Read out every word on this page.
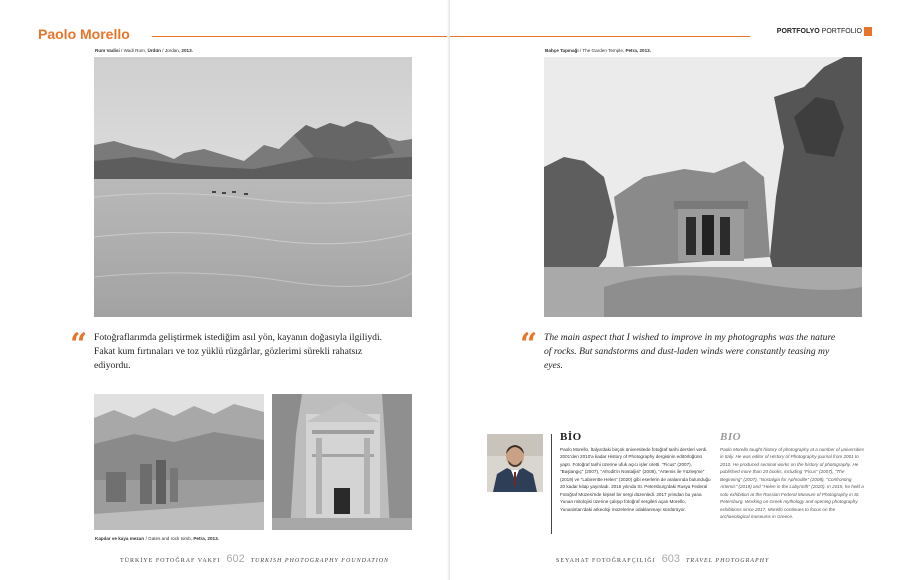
Paolo Morello
Rum Vadisi / Wadi Rum, Ürdün / Jordan, 2013.
“ Fotoğraflarımda geliştirmek istediğim asıl yön, kayanın doğasıyla ilgiliydi. Fakat kum fırtınaları ve toz yüklü rüzgârlar, gözlerimi sürekli rahatsız ediyordu.
Kapılar ve kaya mezarı / Gates and rock tomb, Petra, 2013.
TÜRKİYE FOTOĞRAF VAKFI 602 TURKISH PHOTOGRAPHY FOUNDATION
PORTFOLYO PORTFOLIO
Bahçe Tapınağı / The Garden Temple, Petra, 2013.
“ The main aspect that I wished to improve in my photographs was the nature of rocks. But sandstorms and dust-laden winds were constantly teasing my eyes.
BİO
Paolo Morello, İtalya'daki birçok üniversitede fotoğraf tarihi dersleri verdi. 2001'den 2010'a kadar History of Photography dergisinin editörlüğünü yaptı. Fotoğraf tarihi üzerine ufuk açıcı işler üretti. "Ficus" (2007), "Başlangıç" (2007), "Afrodit'in Nostaljisi" (2008), "Artemis ile Yüzleşme" (2019) ve "Labirentte Helen" (2020) gibi eserlerin de aralarında bulunduğu 20 kadar kitap yayınladı. 2015 yılında St. Petersburg'daki Rusya Federal Fotoğraf Müzesi'nde kişisel bir sergi düzenledi. 2017 yılından bu yana Yunan mitolojisi üzerine çalışıp fotoğraf sergileri açan Morello, Yunanistan'daki arkeoloji müzelerine odaklanmayı sürdürüyor.
BIO
Paolo Morello taught history of photography at a number of universities in Italy. He was editor of History of Photography journal from 2001 to 2010. He produced seminal works on the history of photography. He published more than 20 books, including "Ficus" (2007), "The Beginning" (2007), "Nostalgia for Aphrodite" (2008), "Confronting Artemis" (2019) and "Helen in the Labyrinth" (2020). In 2015, he held a solo exhibition at the Russian Federal Museum of Photography in St. Petersburg. Working on Greek mythology and opening photography exhibitions since 2017, Morello continues to focus on the archaeological museums in Greece.
SEYAHAT FOTOĞRAFÇILIĞI 603 TRAVEL PHOTOGRAPHY
